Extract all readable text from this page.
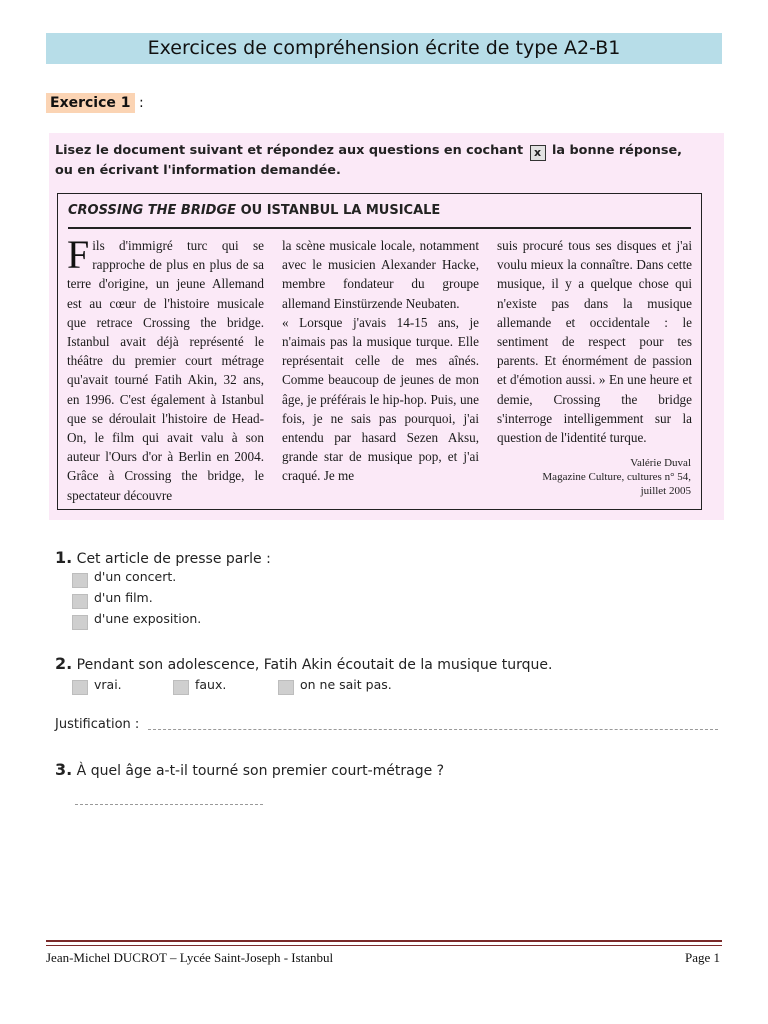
Exercices de compréhension écrite de type A2-B1
Exercice 1 :
Lisez le document suivant et répondez aux questions en cochant x la bonne réponse,
ou en écrivant l'information demandée.
CROSSING THE BRIDGE OU ISTANBUL LA MUSICALE
Fils d'immigré turc qui se rapproche de plus en plus de sa terre d'origine, un jeune Allemand est au cœur de l'histoire musicale que retrace Crossing the bridge. Istanbul avait déjà représenté le théâtre du premier court métrage qu'avait tourné Fatih Akin, 32 ans, en 1996. C'est également à Istanbul que se déroulait l'histoire de Head-On, le film qui avait valu à son auteur l'Ours d'or à Berlin en 2004. Grâce à Crossing the bridge, le spectateur découvre
la scène musicale locale, notamment avec le musicien Alexander Hacke, membre fondateur du groupe allemand Einstürzende Neubaten.
« Lorsque j'avais 14-15 ans, je n'aimais pas la musique turque. Elle représentait celle de mes aînés. Comme beaucoup de jeunes de mon âge, je préférais le hip-hop. Puis, une fois, je ne sais pas pourquoi, j'ai entendu par hasard Sezen Aksu, grande star de musique pop, et j'ai craqué. Je me
suis procuré tous ses disques et j'ai voulu mieux la connaître. Dans cette musique, il y a quelque chose qui n'existe pas dans la musique allemande et occidentale : le sentiment de respect pour tes parents. Et énormément de passion et d'émotion aussi. » En une heure et demie, Crossing the bridge s'interroge intelligemment sur la question de l'identité turque.
Valérie Duval
Magazine Culture, cultures n° 54,
juillet 2005
1. Cet article de presse parle :
d'un concert.
d'un film.
d'une exposition.
2. Pendant son adolescence, Fatih Akin écoutait de la musique turque.
vrai.	faux.	on ne sait pas.
Justification :
3. À quel âge a-t-il tourné son premier court-métrage ?
Jean-Michel DUCROT – Lycée Saint-Joseph - Istanbul	Page 1
